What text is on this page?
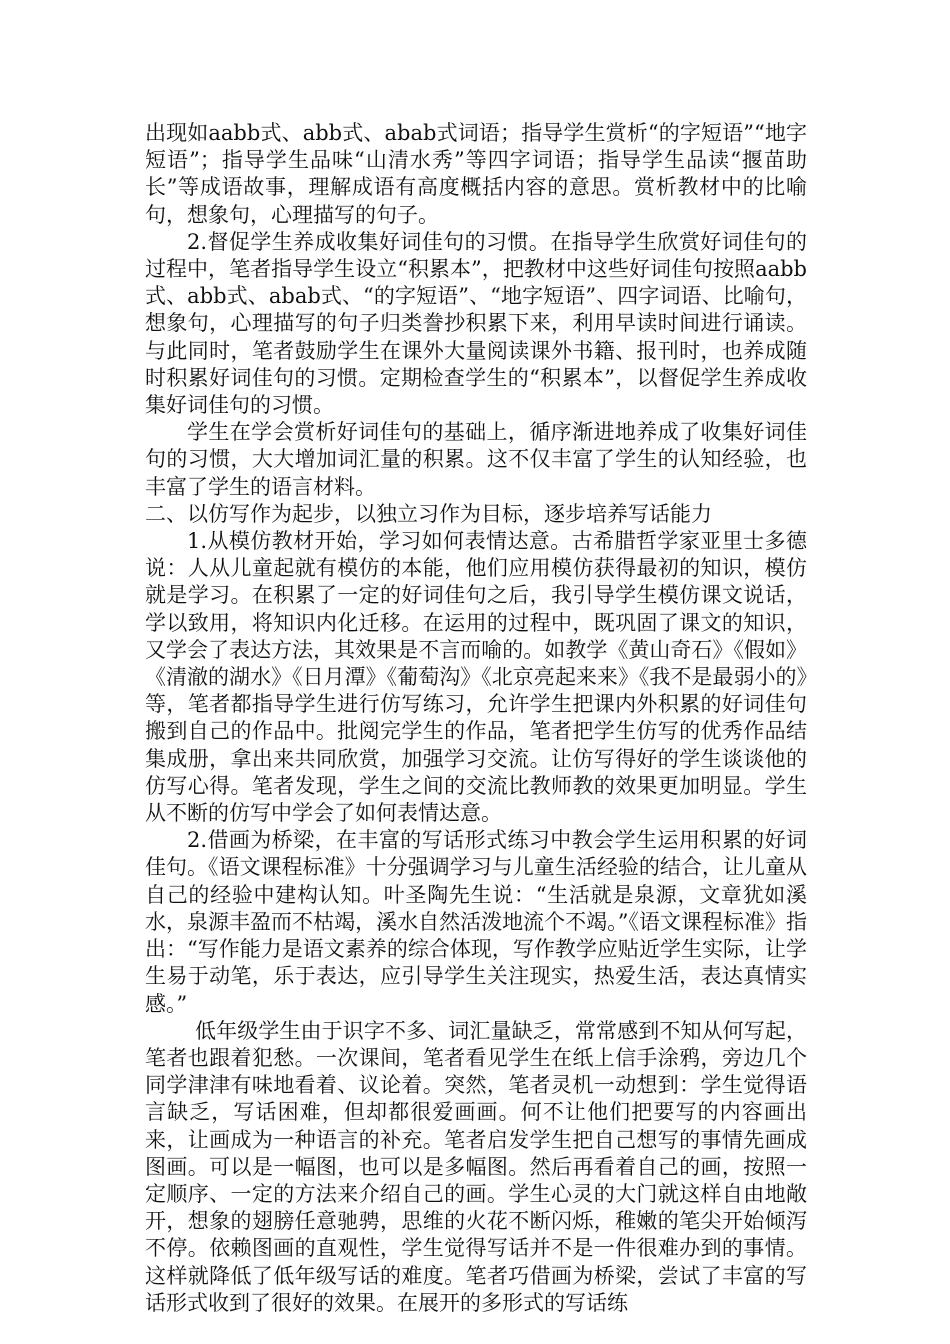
出现如aabb式、abb式、abab式词语；指导学生赏析“的字短语”“地字短语”；指导学生品味“山清水秀”等四字词语；指导学生品读“揠苗助长”等成语故事，理解成语有高度概括内容的意思。赏析教材中的比喻句，想象句，心理描写的句子。

2.督促学生养成收集好词佳句的习惯。在指导学生欣赏好词佳句的过程中，笔者指导学生设立“积累本”，把教材中这些好词佳句按照aabb式、abb式、abab式、“的字短语”、“地字短语”、四字词语、比喻句，想象句，心理描写的句子归类誊抄积累下来，利用早读时间进行诵读。与此同时，笔者鼓励学生在课外大量阅读课外书籍、报刊时，也养成随时积累好词佳句的习惯。定期检查学生的“积累本”，以督促学生养成收集好词佳句的习惯。

学生在学会赏析好词佳句的基础上，循序渐进地养成了收集好词佳句的习惯，大大增加词汇量的积累。这不仅丰富了学生的认知经验，也丰富了学生的语言材料。

二、以仿写作为起步，以独立习作为目标，逐步培养写话能力

1.从模仿教材开始，学习如何表情达意。古希腊哲学家亚里士多德说：人从儿童起就有模仿的本能，他们应用模仿获得最初的知识，模仿就是学习。在积累了一定的好词佳句之后，我引导学生模仿课文说话，学以致用，将知识内化迁移。在运用的过程中，既巩固了课文的知识，又学会了表达方法，其效果是不言而喻的。如教学《黄山奇石》《假如》《清澈的湖水》《日月潭》《葡萄沟》《北京亮起来来》《我不是最弱小的》等，笔者都指导学生进行仿写练习，允许学生把课内外积累的好词佳句搬到自己的作品中。批阅完学生的作品，笔者把学生仿写的优秀作品结集成册，拿出来共同欣赏，加强学习交流。让仿写得好的学生谈谈他的仿写心得。笔者发现，学生之间的交流比教师教的效果更加明显。学生从不断的仿写中学会了如何表情达意。

2.借画为桥梁，在丰富的写话形式练习中教会学生运用积累的好词佳句。《语文课程标准》十分强调学习与儿童生活经验的结合，让儿童从自己的经验中建构认知。叶圣陶先生说：“生活就是泉源，文章犹如溪水，泉源丰盈而不枯竭，溪水自然活泼地流个不竭。”《语文课程标准》指出：“写作能力是语文素养的综合体现，写作教学应贴近学生实际，让学生易于动笔，乐于表达，应引导学生关注现实，热爱生活，表达真情实感。”

低年级学生由于识字不多、词汇量缺乏，常常感到不知从何写起，笔者也跟着犯愁。一次课间，笔者看见学生在纸上信手涂鸦，旁边几个同学津津有味地看着、议论着。突然，笔者灵机一动想到：学生觉得语言缺乏，写话困难，但却都很爱画画。何不让他们把要写的内容画出来，让画成为一种语言的补充。笔者启发学生把自己想写的事情先画成图画。可以是一幅图，也可以是多幅图。然后再看着自己的画，按照一定顺序、一定的方法来介绍自己的画。学生心灵的大门就这样自由地敞开，想象的翅膀任意驰骋，思维的火花不断闪烁，稚嫩的笔尖开始倾泻不停。依赖图画的直观性，学生觉得写话并不是一件很难办到的事情。这样就降低了低年级写话的难度。笔者巧借画为桥梁，尝试了丰富的写话形式收到了很好的效果。在展开的多形式的写话练
